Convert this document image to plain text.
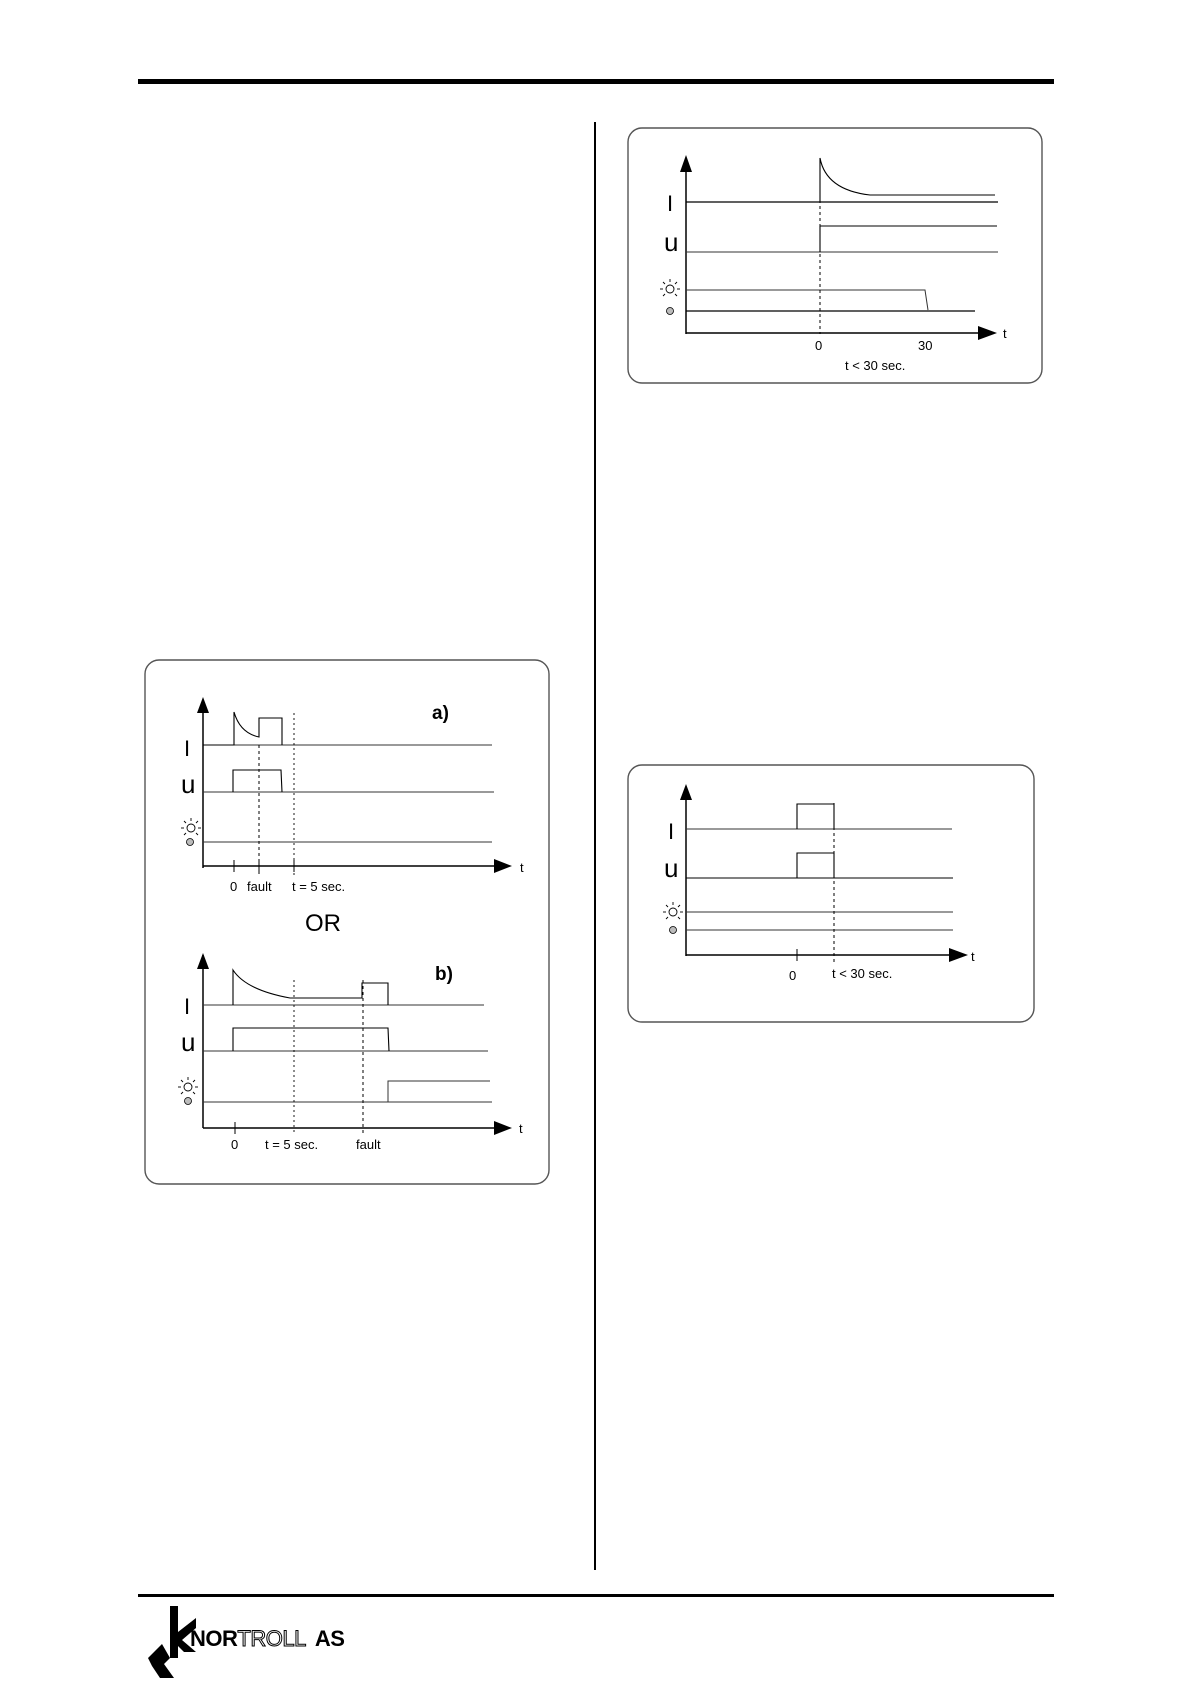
t
a)
I
u
0 fault t = 5 sec.
OR
t
b)
I
u
0 t = 5 sec.	fault
t
I
u
0	30
t < 30 sec.
t
I
u
0	t < 30 sec.
NORTROLL AS
